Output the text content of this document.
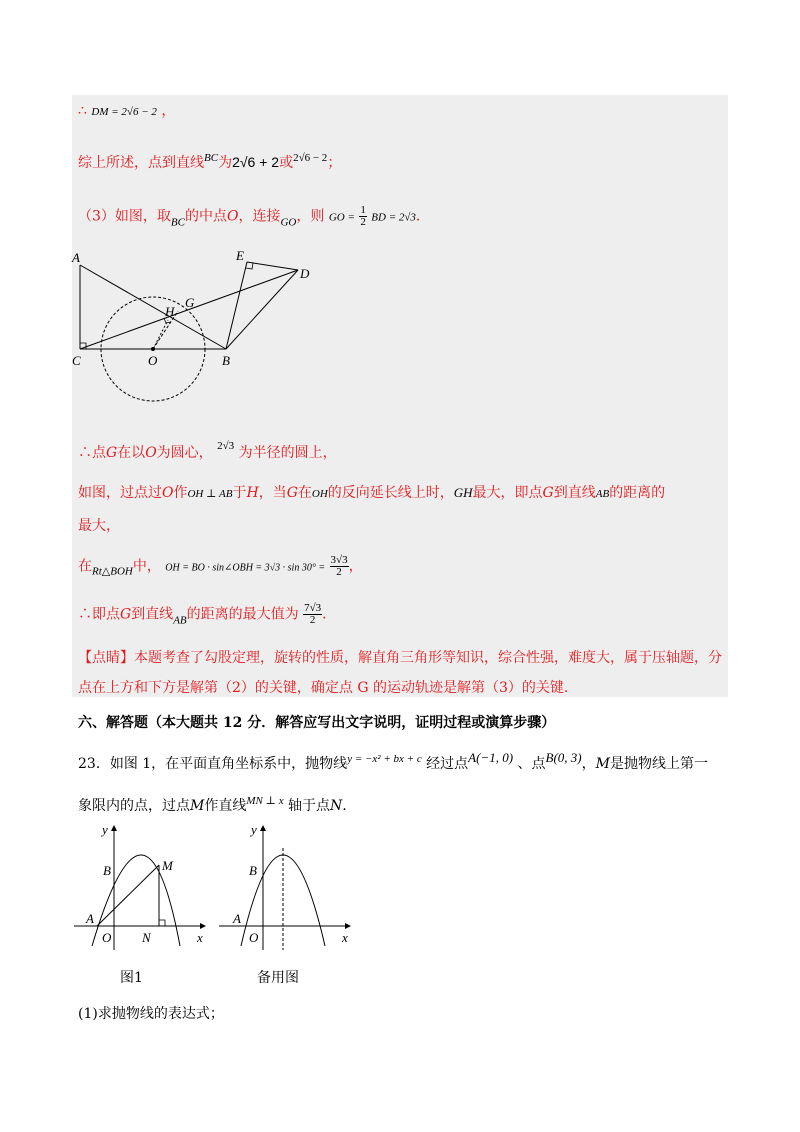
∴ DM = 2√6 − 2 ，
综上所述，点到直线$^{BC}$为2√6 + 2或$^{2√6 - 2}$；
（3）如图，取$_{BC}$的中点O，连接$_{GO}$，则 GO = $\frac{1}{2}$ BD = 2√3．
A
C	O	B
H
G
E
D
∴点G在以O为圆心， $^{2√3}$ 为半径的圆上，
如图，过点过O作OH ⊥ AB于H，当G在OH的反向延长线上时，GH最大，即点G到直线AB的距离的
最大，
在$_{Rt\triangle BOH}$中， OH = BO · sin∠OBH = $3√3 \cdot \sin 30^\circ = \frac{3√3}{2}$ ，
∴即点G到直线$_{AB}$的距离的最大值为 $\frac{7√3}{2}$ ．
【点睛】本题考查了勾股定理，旋转的性质，解直角三角形等知识，综合性强，难度大，属于压轴题，分
点在上方和下方是解第（2）的关键，确定点 G 的运动轨迹是解第（3）的关键．
六、解答题（本大题共 12 分．解答应写出文字说明，证明过程或演算步骤）
23．如图 1，在平面直角坐标系中，抛物线$^{y = -x^2 + bx + c}$ 经过点A(−1, 0) 、点B(0, 3)，M是抛物线上第一
象限内的点，过点M作直线$^{MN \perp x}$ 轴于点N.
y
B	M
A
O N	x
图1
y
B
A
O	x
备用图
(1)求抛物线的表达式；
